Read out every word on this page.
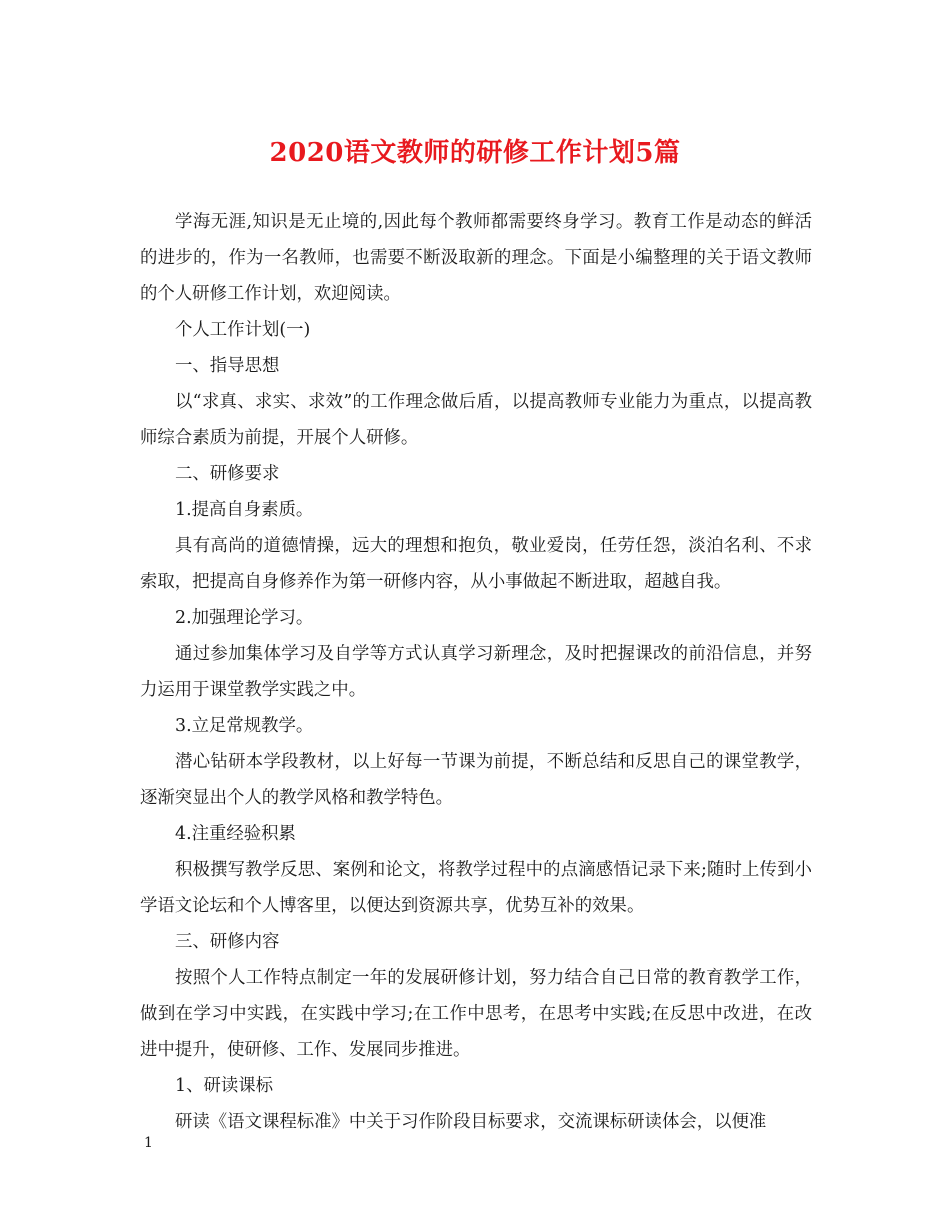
2020语文教师的研修工作计划5篇

学海无涯,知识是无止境的,因此每个教师都需要终身学习。教育工作是动态的鲜活的进步的，作为一名教师，也需要不断汲取新的理念。下面是小编整理的关于语文教师的个人研修工作计划，欢迎阅读。

个人工作计划(一)

一、指导思想

以“求真、求实、求效”的工作理念做后盾，以提高教师专业能力为重点，以提高教师综合素质为前提，开展个人研修。

二、研修要求

1.提高自身素质。

具有高尚的道德情操，远大的理想和抱负，敬业爱岗，任劳任怨，淡泊名利、不求索取，把提高自身修养作为第一研修内容，从小事做起不断进取，超越自我。

2.加强理论学习。

通过参加集体学习及自学等方式认真学习新理念，及时把握课改的前沿信息，并努力运用于课堂教学实践之中。

3.立足常规教学。

潜心钻研本学段教材，以上好每一节课为前提，不断总结和反思自己的课堂教学，逐渐突显出个人的教学风格和教学特色。

4.注重经验积累

积极撰写教学反思、案例和论文，将教学过程中的点滴感悟记录下来;随时上传到小学语文论坛和个人博客里，以便达到资源共享，优势互补的效果。

三、研修内容

按照个人工作特点制定一年的发展研修计划，努力结合自己日常的教育教学工作，做到在学习中实践，在实践中学习;在工作中思考，在思考中实践;在反思中改进，在改进中提升，使研修、工作、发展同步推进。

1、研读课标

研读《语文课程标准》中关于习作阶段目标要求，交流课标研读体会，以便准

1
